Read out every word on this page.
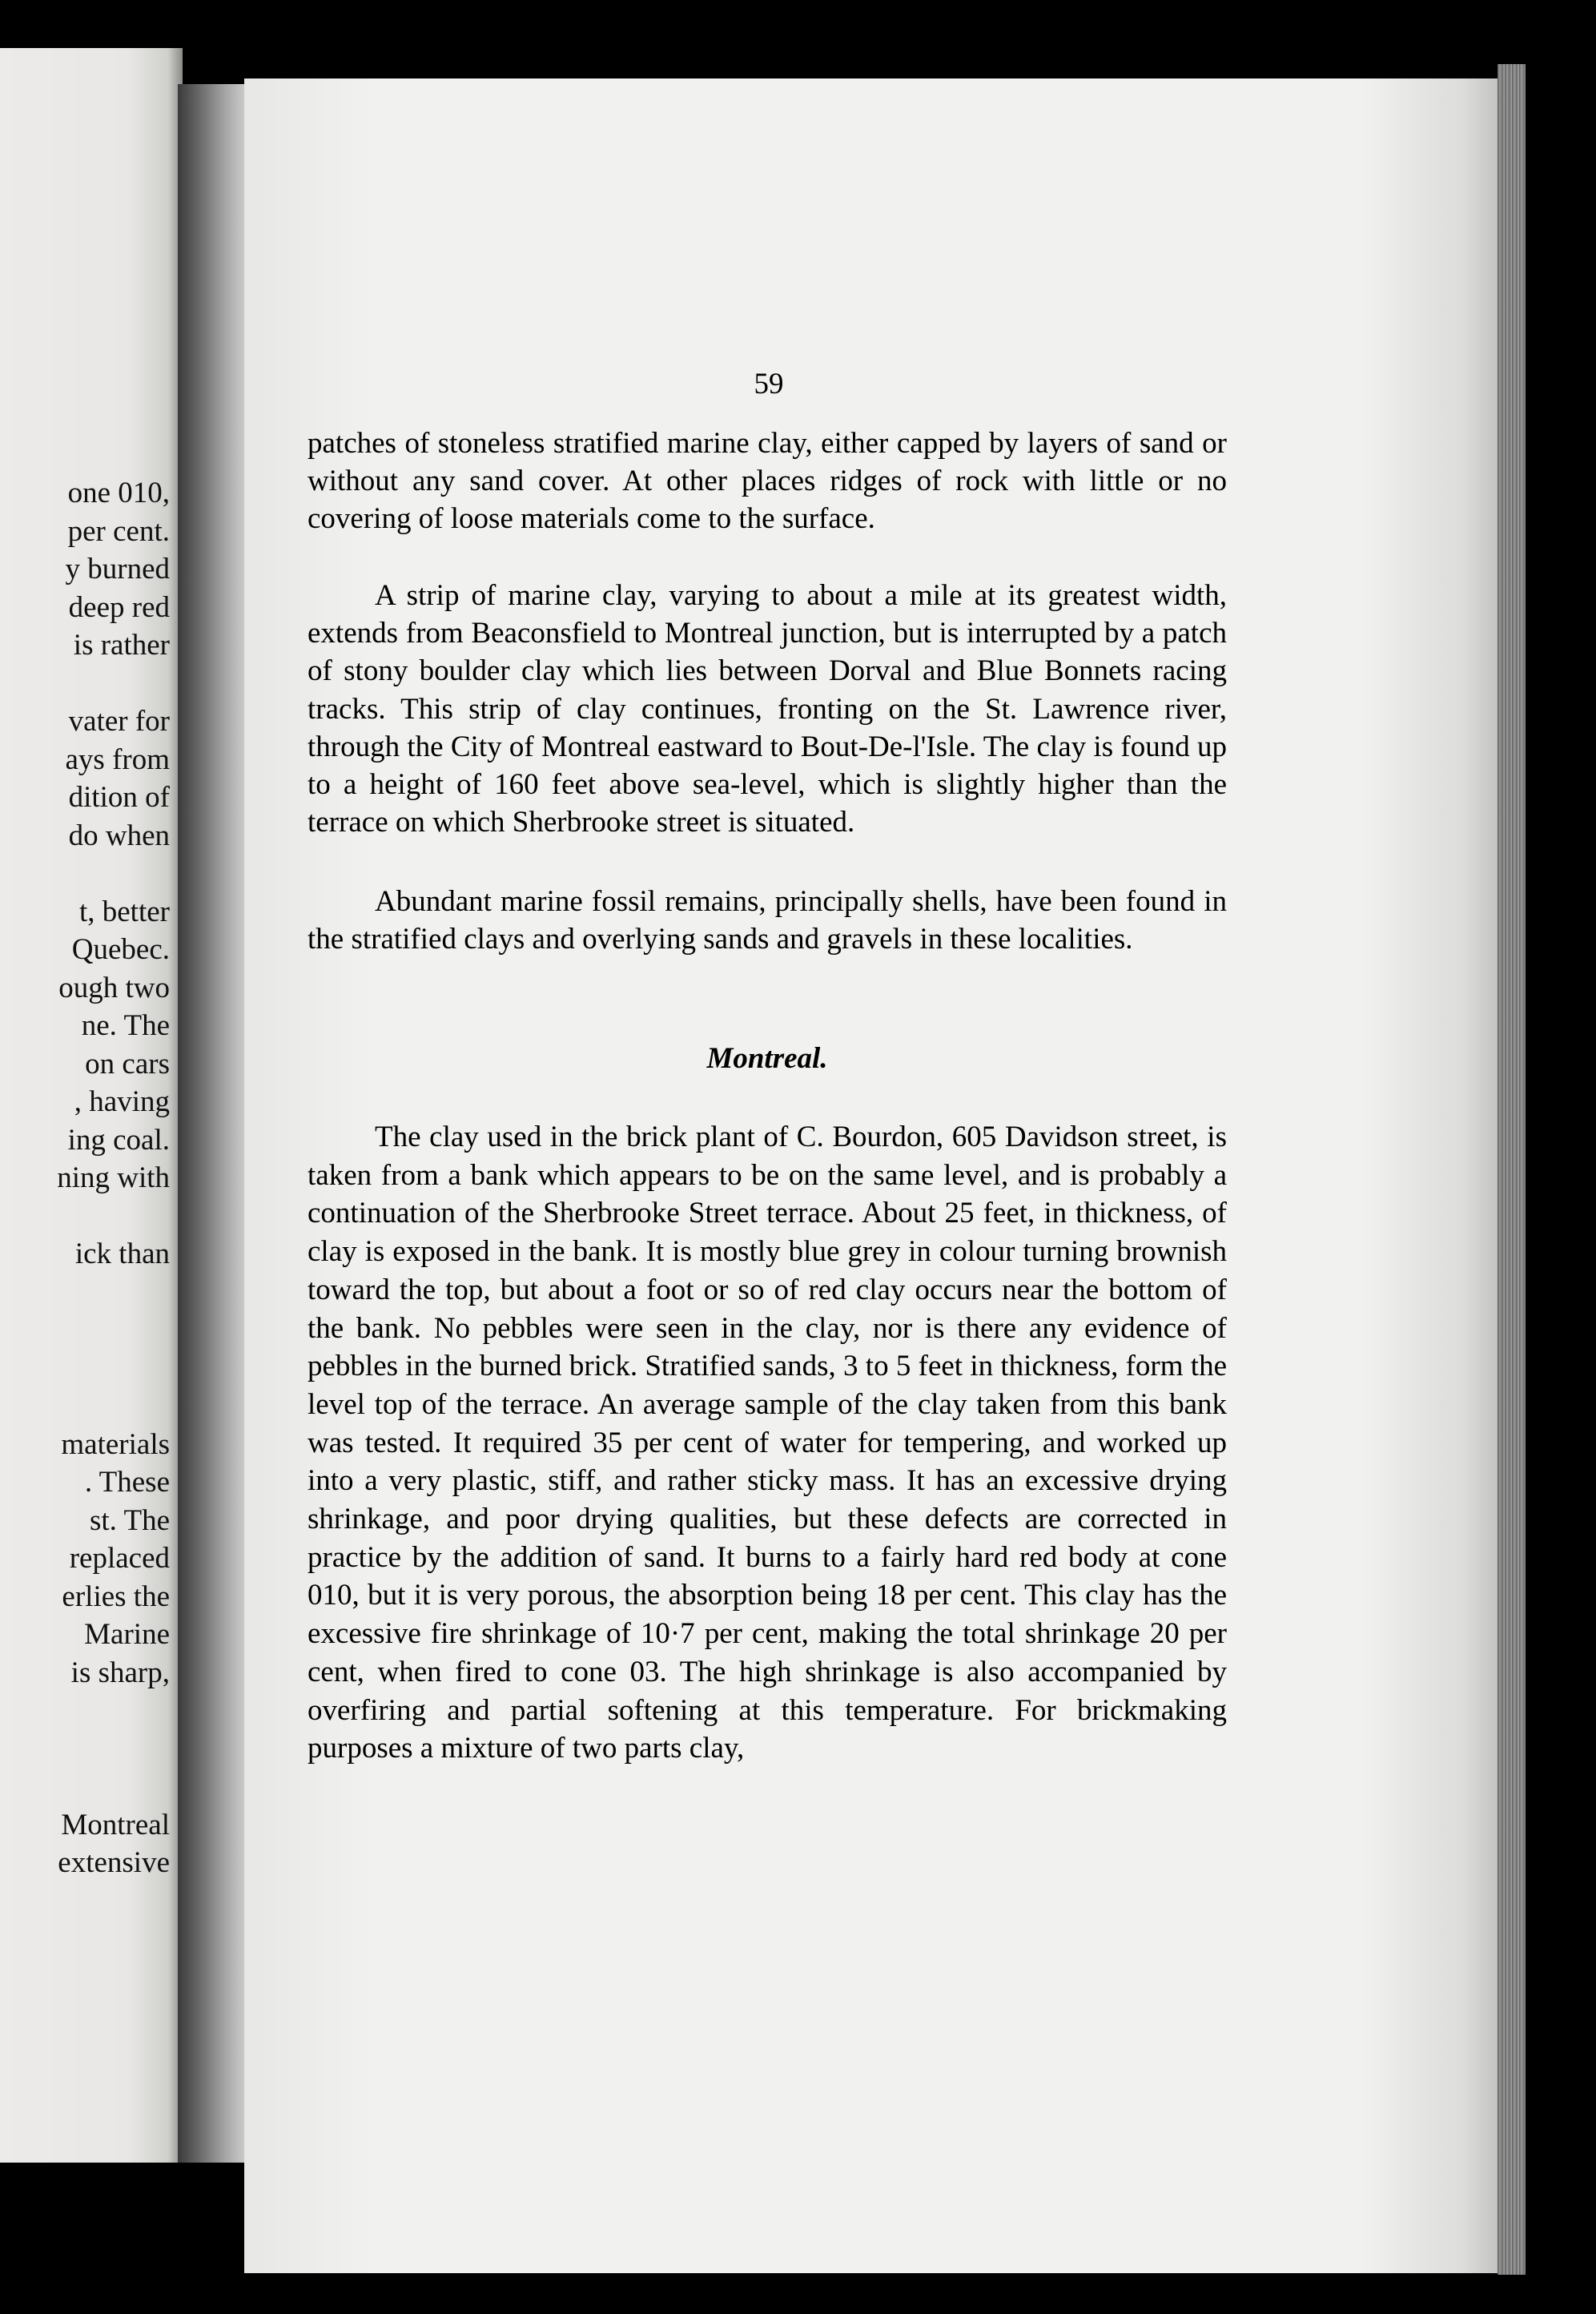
one 010,
per cent.
y burned
deep red
is rather
vater for
ays from
dition of
do when
t, better
Quebec.
ough two
ne. The
on cars
, having
ing coal.
ning with
ick than
materials
. These
st. The
replaced
erlies the
Marine
is sharp,
Montreal
extensive
59

patches of stoneless stratified marine clay, either capped by layers of sand or without any sand cover. At other places ridges of rock with little or no covering of loose materials come to the surface.

A strip of marine clay, varying to about a mile at its greatest width, extends from Beaconsfield to Montreal junction, but is interrupted by a patch of stony boulder clay which lies between Dorval and Blue Bonnets racing tracks. This strip of clay continues, fronting on the St. Lawrence river, through the City of Montreal eastward to Bout-De-l'Isle. The clay is found up to a height of 160 feet above sea-level, which is slightly higher than the terrace on which Sherbrooke street is situated.

Abundant marine fossil remains, principally shells, have been found in the stratified clays and overlying sands and gravels in these localities.

Montreal.

The clay used in the brick plant of C. Bourdon, 605 Davidson street, is taken from a bank which appears to be on the same level, and is probably a continuation of the Sherbrooke Street terrace. About 25 feet, in thickness, of clay is exposed in the bank. It is mostly blue grey in colour turning brownish toward the top, but about a foot or so of red clay occurs near the bottom of the bank. No pebbles were seen in the clay, nor is there any evidence of pebbles in the burned brick. Stratified sands, 3 to 5 feet in thickness, form the level top of the terrace. An average sample of the clay taken from this bank was tested. It required 35 per cent of water for tempering, and worked up into a very plastic, stiff, and rather sticky mass. It has an excessive drying shrinkage, and poor drying qualities, but these defects are corrected in practice by the addition of sand. It burns to a fairly hard red body at cone 010, but it is very porous, the absorption being 18 per cent. This clay has the excessive fire shrinkage of 10·7 per cent, making the total shrinkage 20 per cent, when fired to cone 03. The high shrinkage is also accompanied by overfiring and partial softening at this temperature. For brickmaking purposes a mixture of two parts clay,
